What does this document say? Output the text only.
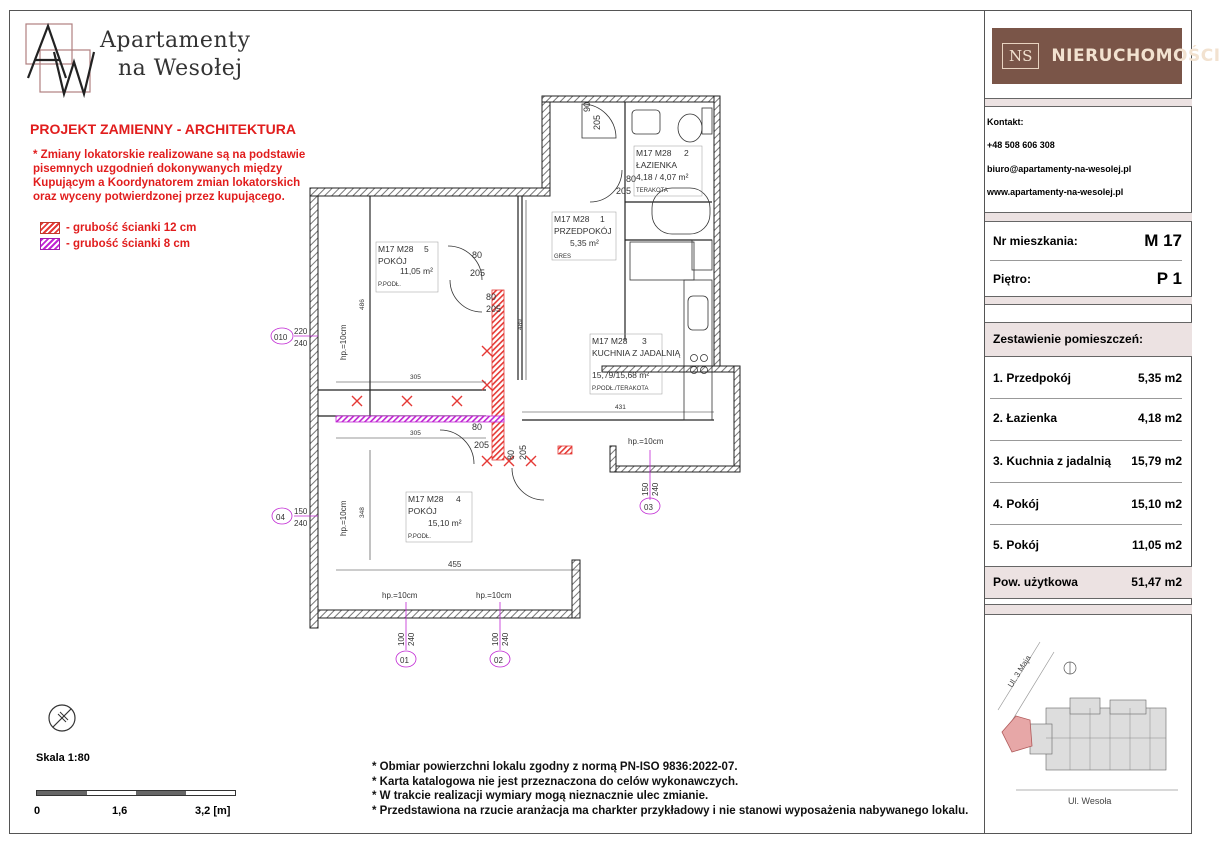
Apartamenty
na Wesołej
PROJEKT ZAMIENNY - ARCHITEKTURA
* Zmiany lokatorskie realizowane są na podstawie pisemnych uzgodnień dokonywanych między Kupującym a Koordynatorem zmian lokatorskich oraz wyceny potwierdzonej przez kupującego.
- grubość ścianki 12 cm
- grubość ścianki 8 cm
Skala 1:80
0	1,6	3,2 [m]
* Obmiar powierzchni lokalu zgodny z normą PN-ISO 9836:2022-07.
* Karta katalogowa nie jest przeznaczona do celów wykonawczych.
* W trakcie realizacji wymiary mogą nieznacznie ulec zmianie.
* Przedstawiona na rzucie aranżacja ma charkter przykładowy i nie stanowi wyposażenia nabywanego lokalu.
305
305
431
455
486
489
348
M17 M28 5
POKÓJ
11,05 m²
P.PODŁ.
M17 M28 1
PRZEDPOKÓJ
5,35 m²
GRES
M17 M28 2
ŁAZIENKA
4,18 / 4,07 m²
TERAKOTA
M17 M28 3
KUCHNIA Z JADALNIĄ
15,79/15,68 m²
P.PODŁ./TERAKOTA
M17 M28 4
POKÓJ
15,10 m²
P.PODŁ.
90
205
80
205
80
205
80
205
80
205
80 205
010
220
240	hp.=10cm
04
150
240	hp.=10cm
01
100 240
hp.=10cm
02
100 240
hp.=10cm
03
150 240
hp.=10cm
NS	NIERUCHOMOŚCI
Kontakt:
+48 508 606 308
biuro@apartamenty-na-wesolej.pl
www.apartamenty-na-wesolej.pl
Nr mieszkania:	M 17
Piętro:	P 1
Zestawienie pomieszczeń:
1. Przedpokój	5,35 m2
2. Łazienka	4,18 m2
3. Kuchnia z jadalnią 15,79 m2
4. Pokój	15,10 m2
5. Pokój	11,05 m2
Pow. użytkowa	51,47 m2
Ul. 3 Maja
Ul. Wesoła
